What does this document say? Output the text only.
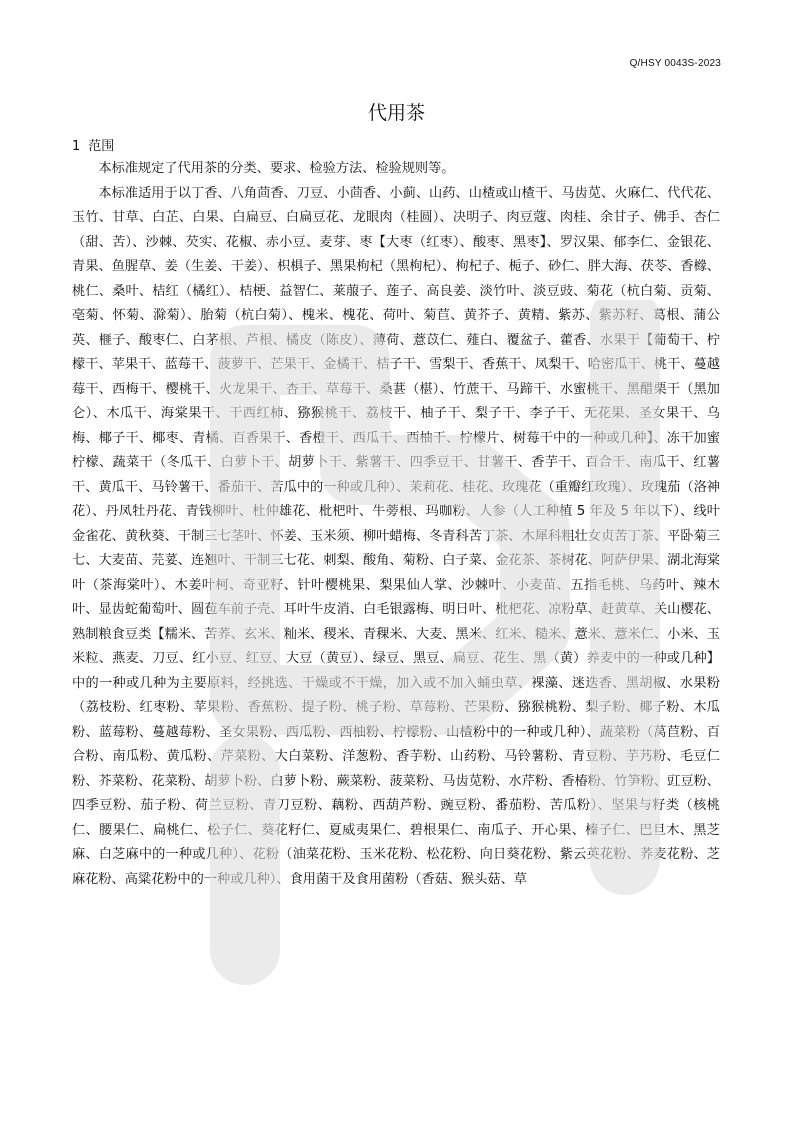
Q/HSY 0043S-2023
代用茶
1 范围

本标准规定了代用茶的分类、要求、检验方法、检验规则等。

本标准适用于以丁香、八角茴香、刀豆、小茴香、小蓟、山药、山楂或山楂干、马齿苋、火麻仁、代代花、玉竹、甘草、白芷、白果、白扁豆、白扁豆花、龙眼肉（桂圆）、决明子、肉豆蔻、肉桂、余甘子、佛手、杏仁（甜、苦）、沙棘、芡实、花椒、赤小豆、麦芽、枣【大枣（红枣）、酸枣、黑枣】、罗汉果、郁李仁、金银花、青果、鱼腥草、姜（生姜、干姜）、枳椇子、黑果枸杞（黑枸杞）、枸杞子、栀子、砂仁、胖大海、茯苓、香橼、桃仁、桑叶、桔红（橘红）、桔梗、益智仁、莱菔子、莲子、高良姜、淡竹叶、淡豆豉、菊花（杭白菊、贡菊、亳菊、怀菊、滁菊）、胎菊（杭白菊）、槐米、槐花、荷叶、菊苣、黄芥子、黄精、紫苏、紫苏籽、葛根、蒲公英、榧子、酸枣仁、白茅根、芦根、橘皮（陈皮）、薄荷、薏苡仁、薤白、覆盆子、藿香、水果干【葡萄干、柠檬干、苹果干、蓝莓干、菠萝干、芒果干、金橘干、桔子干、雪梨干、香蕉干、凤梨干、哈密瓜干、桃干、蔓越莓干、西梅干、樱桃干、火龙果干、杏干、草莓干、桑葚（椹）、竹蔗干、马蹄干、水蜜桃干、黑醋栗干（黑加仑）、木瓜干、海棠果干、干西红柿、猕猴桃干、荔枝干、柚子干、梨子干、李子干、无花果、圣女果干、乌梅、椰子干、椰枣、青橘、百香果干、香橙干、西瓜干、西柚干、柠檬片、树莓干中的一种或几种】、冻干加蜜柠檬、蔬菜干（冬瓜干、白萝卜干、胡萝卜干、紫薯干、四季豆干、甘薯干、香芋干、百合干、南瓜干、红薯干、黄瓜干、马铃薯干、番茄干、苦瓜中的一种或几种）、茉莉花、桂花、玫瑰花（重瓣红玫瑰）、玫瑰茄（洛神花）、丹凤牡丹花、青钱柳叶、杜仲雄花、枇杷叶、牛蒡根、玛咖粉、人参（人工种植 5 年及 5 年以下）、线叶金雀花、黄秋葵、干制三七茎叶、怀姜、玉米须、柳叶蜡梅、冬青科苦丁茶、木犀科粗壮女贞苦丁茶、平卧菊三七、大麦苗、芫荽、连翘叶、干制三七花、刺梨、酸角、菊粉、白子菜、金花茶、茶树花、阿萨伊果、湖北海棠叶（茶海棠叶）、木姜叶柯、奇亚籽、针叶樱桃果、梨果仙人掌、沙棘叶、小麦苗、五指毛桃、乌药叶、辣木叶、显齿蛇葡萄叶、圆苞车前子壳、耳叶牛皮消、白毛银露梅、明日叶、枇杷花、凉粉草、赶黄草、关山樱花、熟制粮食豆类【糯米、苦荞、玄米、籼米、稷米、青稞米、大麦、黑米、红米、糙米、薏米、薏米仁、小米、玉米粒、燕麦、刀豆、红小豆、红豆、大豆（黄豆）、绿豆、黑豆、扁豆、花生、黑（黄）养麦中的一种或几种】中的一种或几种为主要原料，经挑选、干燥或不干燥，加入或不加入蛹虫草、裸藻、迷迭香、黑胡椒、水果粉（荔枝粉、红枣粉、苹果粉、香蕉粉、提子粉、桃子粉、草莓粉、芒果粉、猕猴桃粉、梨子粉、椰子粉、木瓜粉、蓝莓粉、蔓越莓粉、圣女果粉、西瓜粉、西柚粉、柠檬粉、山楂粉中的一种或几种）、蔬菜粉（莴苣粉、百合粉、南瓜粉、黄瓜粉、芹菜粉、大白菜粉、洋葱粉、香芋粉、山药粉、马铃薯粉、青豆粉、芋艿粉、毛豆仁粉、芥菜粉、花菜粉、胡萝卜粉、白萝卜粉、蕨菜粉、菠菜粉、马齿苋粉、水芹粉、香椿粉、竹笋粉、豇豆粉、四季豆粉、茄子粉、荷兰豆粉、青刀豆粉、藕粉、西葫芦粉、豌豆粉、番茄粉、苦瓜粉）、坚果与籽类（核桃仁、腰果仁、扁桃仁、松子仁、葵花籽仁、夏威夷果仁、碧根果仁、南瓜子、开心果、榛子仁、巴旦木、黑芝麻、白芝麻中的一种或几种）、花粉（油菜花粉、玉米花粉、松花粉、向日葵花粉、紫云英花粉、荞麦花粉、芝麻花粉、高粱花粉中的一种或几种）、食用菌干及食用菌粉（香菇、猴头菇、草
